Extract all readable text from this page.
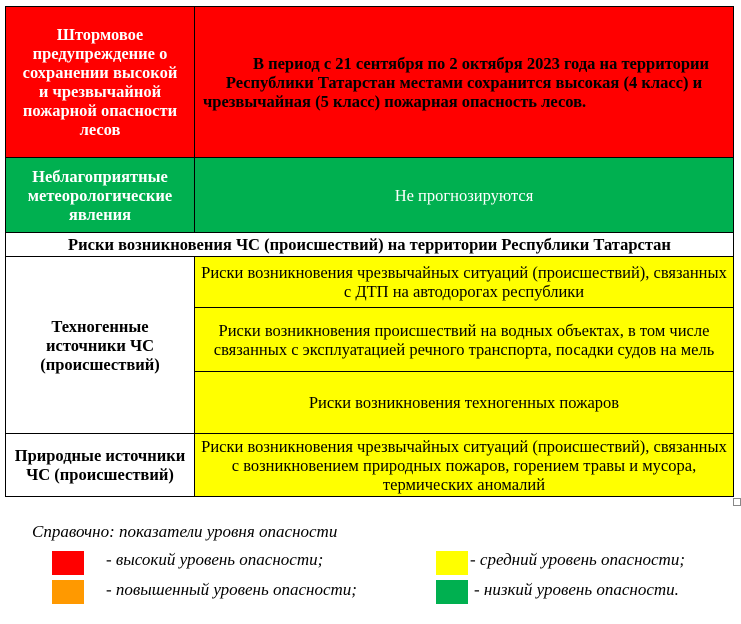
Штормовое предупреждение о сохранении высокой и чрезвычайной пожарной опасности лесов	В период с 21 сентября по 2 октября 2023 года на территории Республики Татарстан местами сохранится высокая (4 класс) и чрезвычайная (5 класс) пожарная опасность лесов.
Неблагоприятные метеорологические явления	Не прогнозируются
Риски возникновения ЧС (происшествий) на территории Республики Татарстан	
Техногенные источники ЧС (происшествий)	Риски возникновения чрезвычайных ситуаций (происшествий), связанных с ДТП на автодорогах республики
	Риски возникновения происшествий на водных объектах, в том числе связанных с эксплуатацией речного транспорта, посадки судов на мель
	Риски возникновения техногенных пожаров
Природные источники ЧС (происшествий)	Риски возникновения чрезвычайных ситуаций (происшествий), связанных с возникновением природных пожаров, горением травы и мусора, термических аномалий
Справочно: показатели уровня опасности
- высокий уровень опасности;
- повышенный уровень опасности;
- средний уровень опасности;
- низкий уровень опасности.
